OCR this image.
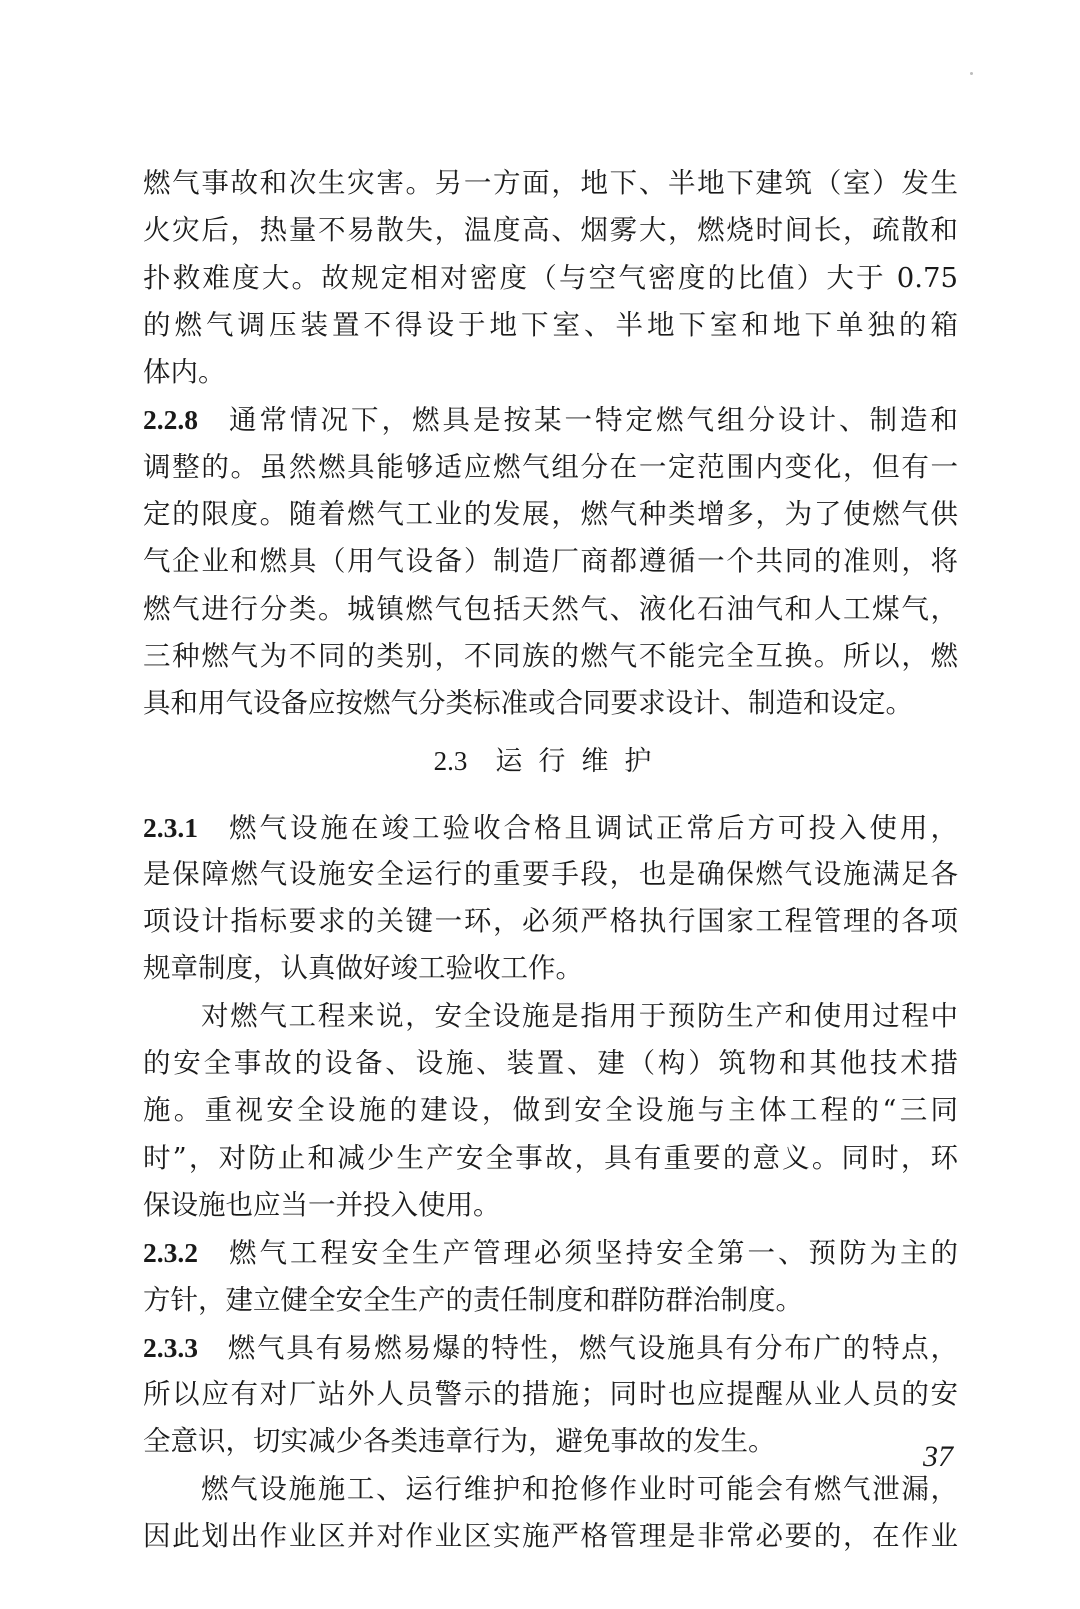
燃气事故和次生灾害。另一方面，地下、半地下建筑（室）发生
火灾后，热量不易散失，温度高、烟雾大，燃烧时间长，疏散和
扑救难度大。故规定相对密度（与空气密度的比值）大于 0.75
的燃气调压装置不得设于地下室、半地下室和地下单独的箱
体内。
2.2.8 通常情况下，燃具是按某一特定燃气组分设计、制造和
调整的。虽然燃具能够适应燃气组分在一定范围内变化，但有一
定的限度。随着燃气工业的发展，燃气种类增多，为了使燃气供
气企业和燃具（用气设备）制造厂商都遵循一个共同的准则，将
燃气进行分类。城镇燃气包括天然气、液化石油气和人工煤气，
三种燃气为不同的类别，不同族的燃气不能完全互换。所以，燃
具和用气设备应按燃气分类标准或合同要求设计、制造和设定。
2.3 运行维护
2.3.1 燃气设施在竣工验收合格且调试正常后方可投入使用，
是保障燃气设施安全运行的重要手段，也是确保燃气设施满足各
项设计指标要求的关键一环，必须严格执行国家工程管理的各项
规章制度，认真做好竣工验收工作。
对燃气工程来说，安全设施是指用于预防生产和使用过程中
的安全事故的设备、设施、装置、建（构）筑物和其他技术措
施。重视安全设施的建设，做到安全设施与主体工程的“三同
时”，对防止和减少生产安全事故，具有重要的意义。同时，环
保设施也应当一并投入使用。
2.3.2 燃气工程安全生产管理必须坚持安全第一、预防为主的
方针，建立健全安全生产的责任制度和群防群治制度。
2.3.3 燃气具有易燃易爆的特性，燃气设施具有分布广的特点，
所以应有对厂站外人员警示的措施；同时也应提醒从业人员的安
全意识，切实减少各类违章行为，避免事故的发生。
燃气设施施工、运行维护和抢修作业时可能会有燃气泄漏，
因此划出作业区并对作业区实施严格管理是非常必要的，在作业
37
